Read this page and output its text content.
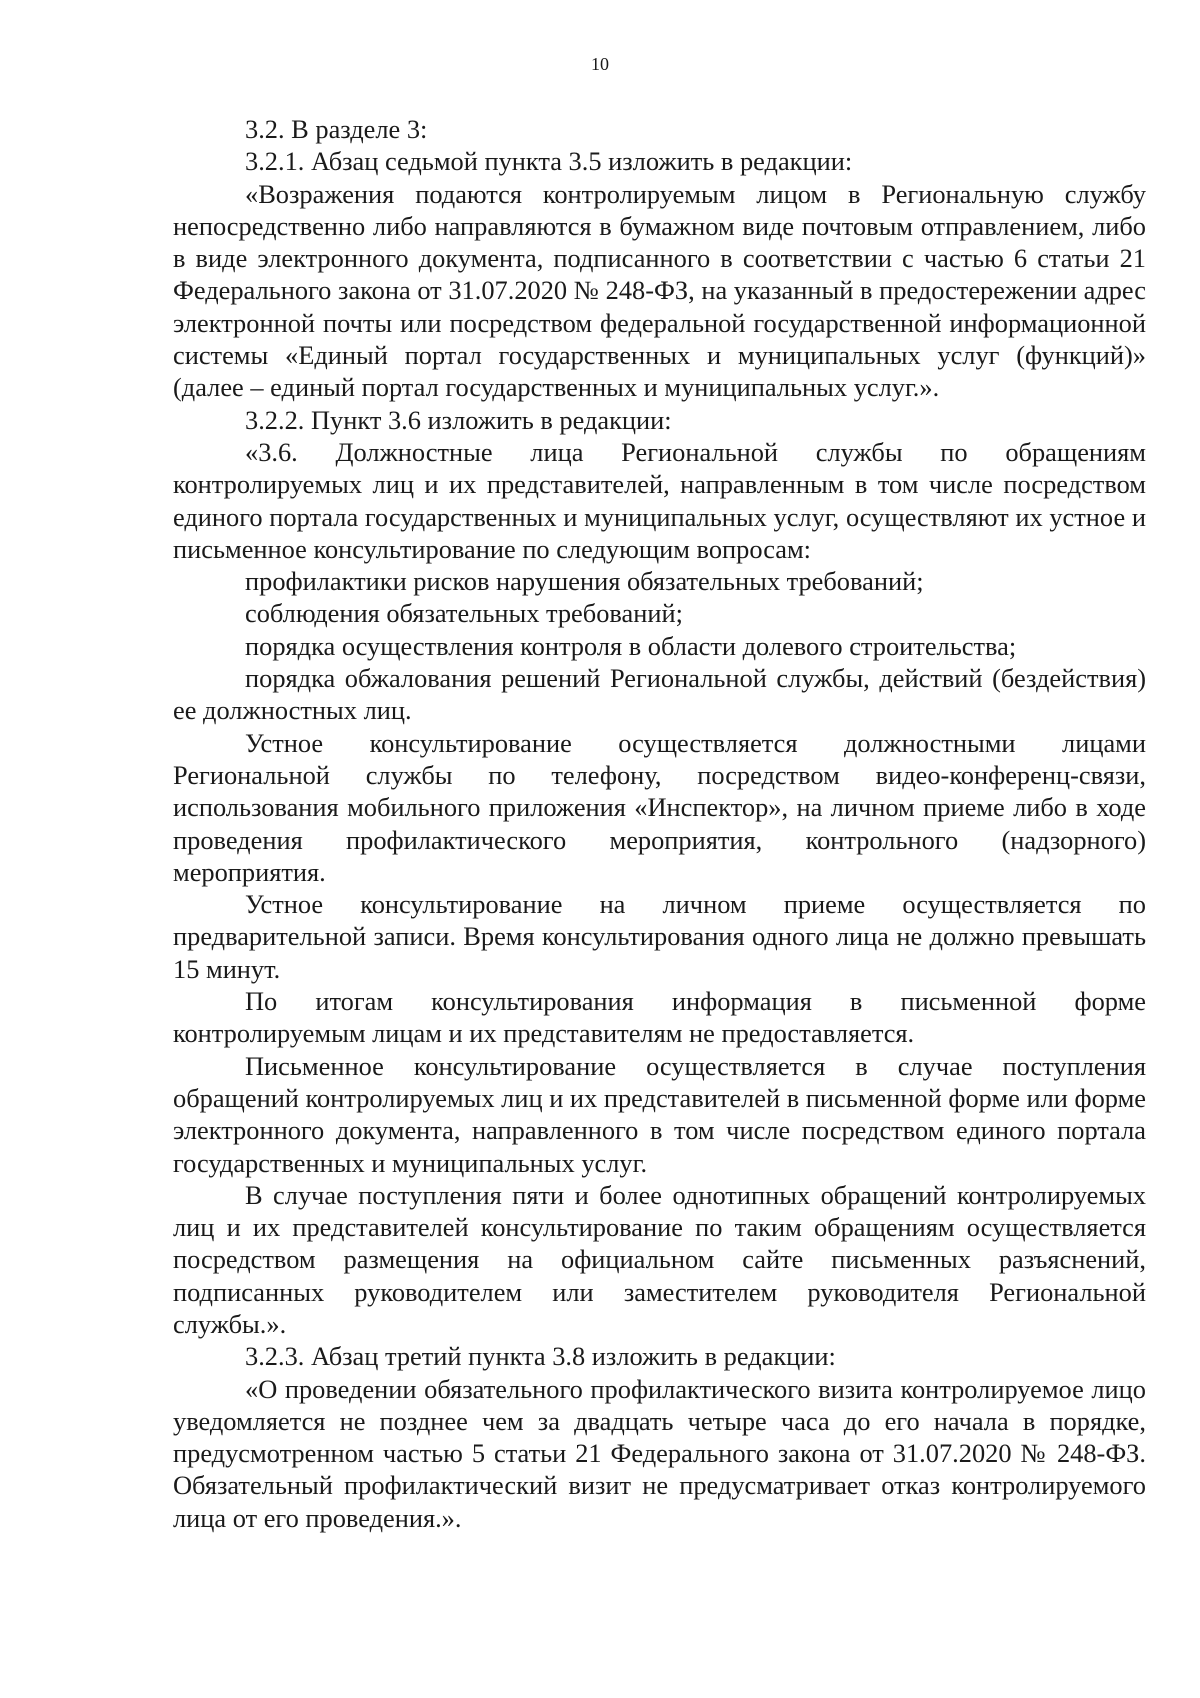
10

3.2. В разделе 3:

3.2.1. Абзац седьмой пункта 3.5 изложить в редакции:

«Возражения подаются контролируемым лицом в Региональную службу непосредственно либо направляются в бумажном виде почтовым отправлением, либо в виде электронного документа, подписанного в соответствии с частью 6 статьи 21 Федерального закона от 31.07.2020 № 248-ФЗ, на указанный в предостережении адрес электронной почты или посредством федеральной государственной информационной системы «Единый портал государственных и муниципальных услуг (функций)» (далее – единый портал государственных и муниципальных услуг.».

3.2.2. Пункт 3.6 изложить в редакции:

«3.6. Должностные лица Региональной службы по обращениям контролируемых лиц и их представителей, направленным в том числе посредством единого портала государственных и муниципальных услуг, осуществляют их устное и письменное консультирование по следующим вопросам:

профилактики рисков нарушения обязательных требований;

соблюдения обязательных требований;

порядка осуществления контроля в области долевого строительства;

порядка обжалования решений Региональной службы, действий (бездействия) ее должностных лиц.

Устное консультирование осуществляется должностными лицами Региональной службы по телефону, посредством видео-конференц-связи, использования мобильного приложения «Инспектор», на личном приеме либо в ходе проведения профилактического мероприятия, контрольного (надзорного) мероприятия.

Устное консультирование на личном приеме осуществляется по предварительной записи. Время консультирования одного лица не должно превышать 15 минут.

По итогам консультирования информация в письменной форме контролируемым лицам и их представителям не предоставляется.

Письменное консультирование осуществляется в случае поступления обращений контролируемых лиц и их представителей в письменной форме или форме электронного документа, направленного в том числе посредством единого портала государственных и муниципальных услуг.

В случае поступления пяти и более однотипных обращений контролируемых лиц и их представителей консультирование по таким обращениям осуществляется посредством размещения на официальном сайте письменных разъяснений, подписанных руководителем или заместителем руководителя Региональной службы.».

3.2.3. Абзац третий пункта 3.8 изложить в редакции:

«О проведении обязательного профилактического визита контролируемое лицо уведомляется не позднее чем за двадцать четыре часа до его начала в порядке, предусмотренном частью 5 статьи 21 Федерального закона от 31.07.2020 № 248-ФЗ. Обязательный профилактический визит не предусматривает отказ контролируемого лица от его проведения.».
